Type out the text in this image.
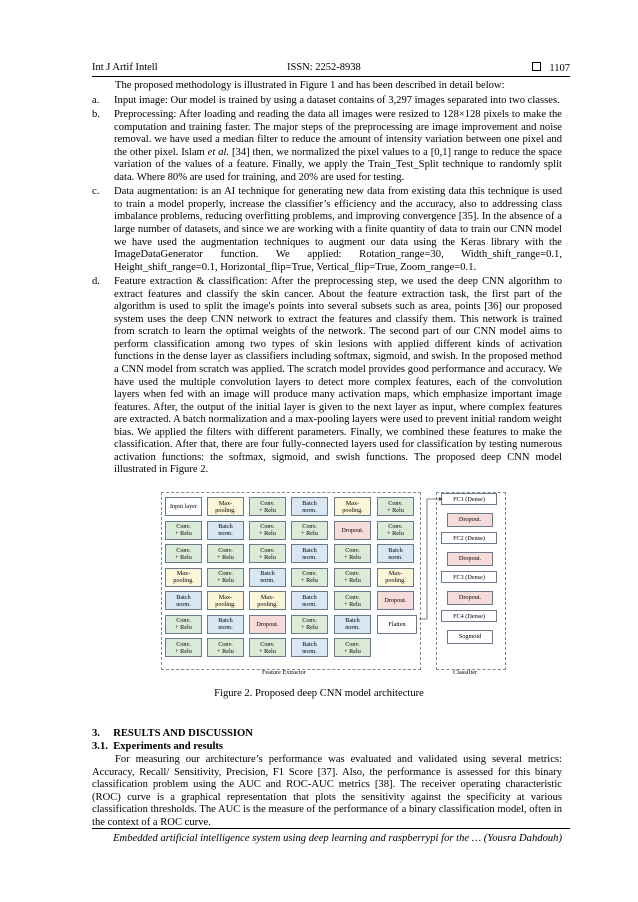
Int J Artif Intell	ISSN: 2252-8938	1107

The proposed methodology is illustrated in Figure 1 and has been described in detail below:

a. Input image: Our model is trained by using a dataset contains of 3,297 images separated into two classes.
b. Preprocessing: After loading and reading the data all images were resized to 128×128 pixels to make the computation and training faster. The major steps of the preprocessing are image improvement and noise removal. we have used a median filter to reduce the amount of intensity variation between one pixel and the other pixel. Islam et al. [34] then, we normalized the pixel values to a [0,1] range to reduce the space variation of the values of a feature. Finally, we apply the Train_Test_Split technique to randomly split data. Where 80% are used for training, and 20% are used for testing.
c. Data augmentation: is an AI technique for generating new data from existing data this technique is used to train a model properly, increase the classifier’s efficiency and the accuracy, also to addressing class imbalance problems, reducing overfitting problems, and improving convergence [35]. In the absence of a large number of datasets, and since we are working with a finite quantity of data to train our CNN model we have used the augmentation techniques to augment our data using the Keras library with the ImageDataGenerator function. We applied: Rotation_range=30, Width_shift_range=0.1, Height_shift_range=0.1, Horizontal_flip=True, Vertical_flip=True, Zoom_range=0.1.
d. Feature extraction & classification: After the preprocessing step, we used the deep CNN algorithm to extract features and classify the skin cancer. About the feature extraction task, the first part of the algorithm is used to split the image's points into several subsets such as area, points [36] our proposed system uses the deep CNN network to extract the features and classify them. This network is trained from scratch to learn the optimal weights of the network. The second part of our CNN model aims to perform classification among two types of skin lesions with applied different kinds of activation functions in the dense layer as classifiers including softmax, sigmoid, and swish. In the proposed method a CNN model from scratch was applied. The scratch model provides good performance and accuracy. We have used the multiple convolution layers to detect more complex features, each of the convolution layers when fed with an image will produce many activation maps, which emphasize important image features. After, the output of the initial layer is given to the next layer as input, where complex features are extracted. A batch normalization and a max-pooling layers were used to prevent initial random weight bias. We applied the filters with different parameters. Finally, we combined these features to make the classification. After that, there are four fully-connected layers used for classification by testing numerous activation functions: the softmax, sigmoid, and swish functions. The proposed deep CNN model illustrated in Figure 2.
Input layer
Conv.
+ Relu
Conv.
+ Relu
Max-
pooling.
Batch
norm.
Conv.
+ Relu
Conv.
+ Relu
Max-
pooling.
Batch
norm.
Conv.
+ Relu
Conv.
+ Relu
Max-
pooling.
Batch
norm.
Conv.
+ Relu
Conv.
+ Relu
Conv.
+ Relu
Conv.
+ Relu
Batch
norm.
Max-
pooling.
Dropout.
Conv.
+ Relu
Batch
norm.
Conv.
+ Relu
Batch
norm.
Conv.
+ Relu
Batch
norm.
Conv.
+ Relu
Batch
norm.
Max-
pooling.
Dropout.
Conv.
+ Relu
Conv.
+ Relu
Conv.
+ Relu
Batch
norm.
Conv.
+ Relu
Conv.
+ Relu
Conv.
+ Relu
Batch
norm.
Max-
pooling.
Dropout.
Flatten
FC1 (Dense)
Dropout.
FC2 (Dense)
Dropout.
FC3 (Dense)
Dropout.
FC4 (Dense)
Sogmoid
Feature Extractor	Classifier
Figure 2. Proposed deep CNN model architecture
3.     RESULTS AND DISCUSSION
3.1.  Experiments and results

For measuring our architecture’s performance was evaluated and validated using several metrics: Accuracy, Recall/ Sensitivity, Precision, F1 Score [37]. Also, the performance is assessed for this binary classification problem using the AUC and ROC-AUC metrics [38]. The receiver operating characteristic (ROC) curve is a graphical representation that plots the sensitivity against the specificity at various classification thresholds. The AUC is the measure of the performance of a binary classification model, often in the context of a ROC curve.

Embedded artificial intelligence system using deep learning and raspberrypi for the … (Yousra Dahdouh)
